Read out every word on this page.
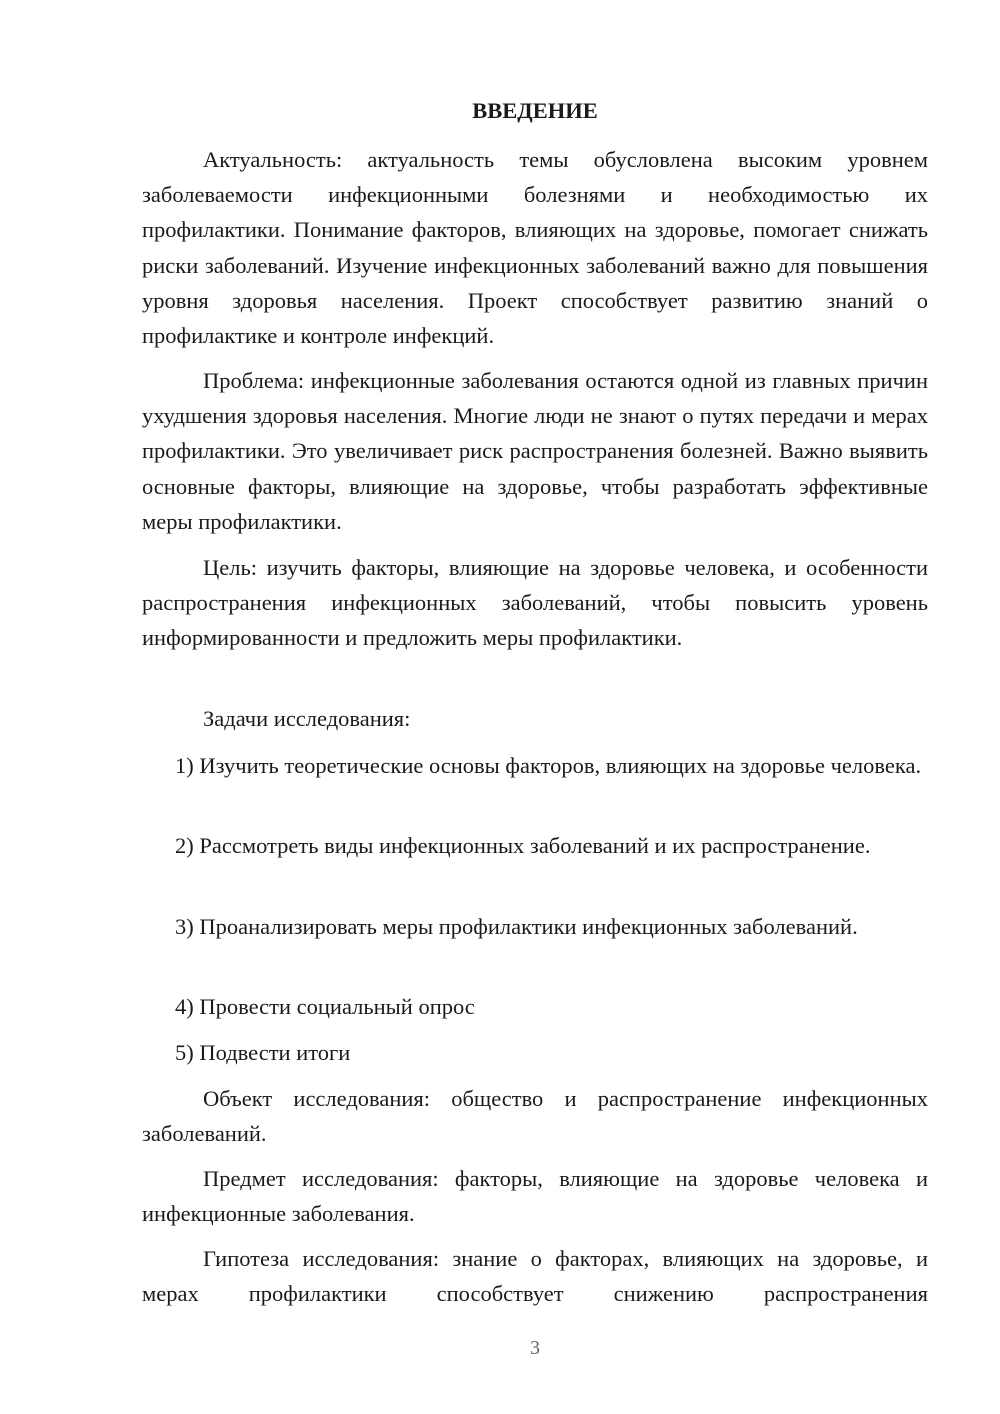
ВВЕДЕНИЕ

Актуальность: актуальность темы обусловлена высоким уровнем заболеваемости инфекционными болезнями и необходимостью их профилактики. Понимание факторов, влияющих на здоровье, помогает снижать риски заболеваний. Изучение инфекционных заболеваний важно для повышения уровня здоровья населения. Проект способствует развитию знаний о профилактике и контроле инфекций.

Проблема: инфекционные заболевания остаются одной из главных причин ухудшения здоровья населения. Многие люди не знают о путях передачи и мерах профилактики. Это увеличивает риск распространения болезней. Важно выявить основные факторы, влияющие на здоровье, чтобы разработать эффективные меры профилактики.

Цель: изучить факторы, влияющие на здоровье человека, и особенности распространения инфекционных заболеваний, чтобы повысить уровень информированности и предложить меры профилактики.

Задачи исследования:

1) Изучить теоретические основы факторов, влияющих на здоровье человека.

2) Рассмотреть виды инфекционных заболеваний и их распространение.

3) Проанализировать меры профилактики инфекционных заболеваний.

4) Провести социальный опрос

5) Подвести итоги

Объект исследования: общество и распространение инфекционных заболеваний.

Предмет исследования: факторы, влияющие на здоровье человека и инфекционные заболевания.

Гипотеза исследования: знание о факторах, влияющих на здоровье, и мерах профилактики способствует снижению распространения

3
